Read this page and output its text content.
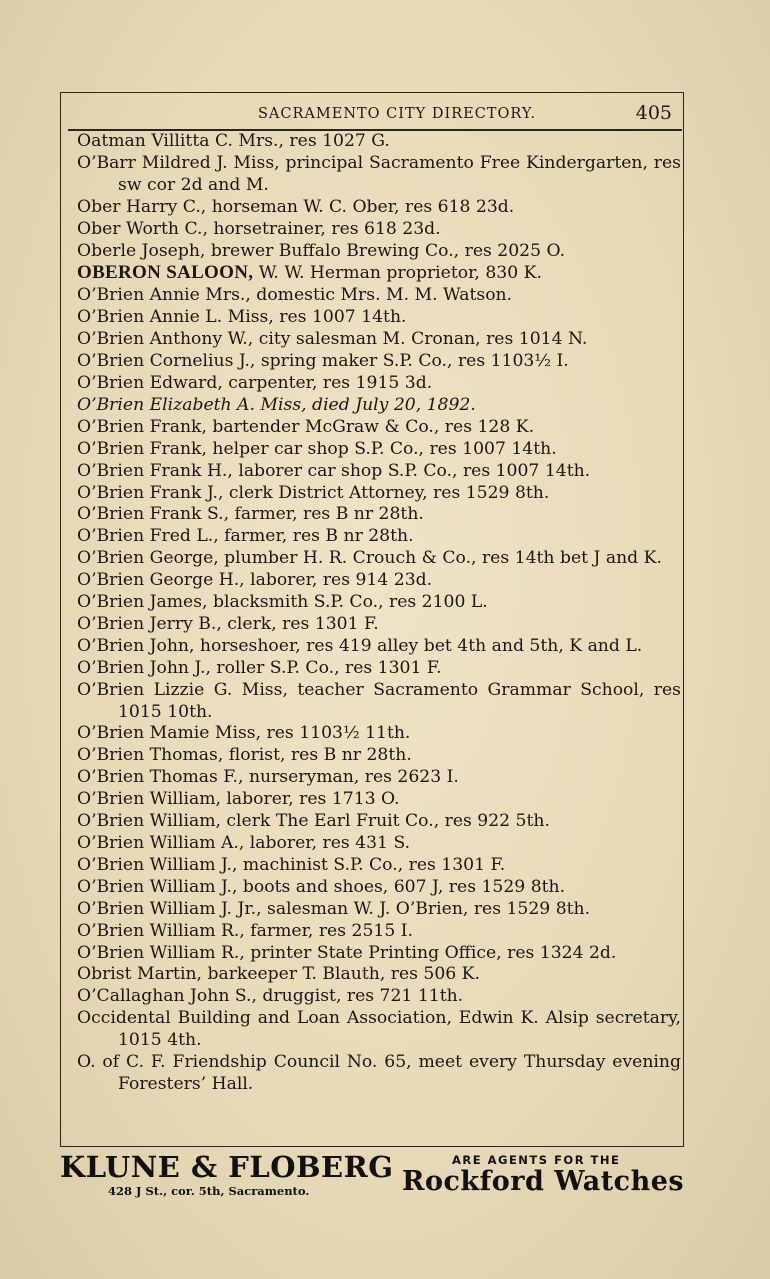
SACRAMENTO CITY DIRECTORY.	405
Oatman Villitta C. Mrs., res 1027 G.
O’Barr Mildred J. Miss, principal Sacramento Free Kindergarten, res sw cor 2d and M.
Ober Harry C., horseman W. C. Ober, res 618 23d.
Ober Worth C., horsetrainer, res 618 23d.
Oberle Joseph, brewer Buffalo Brewing Co., res 2025 O.
OBERON SALOON, W. W. Herman proprietor, 830 K.
O’Brien Annie Mrs., domestic Mrs. M. M. Watson.
O’Brien Annie L. Miss, res 1007 14th.
O’Brien Anthony W., city salesman M. Cronan, res 1014 N.
O’Brien Cornelius J., spring maker S.P. Co., res 1103½ I.
O’Brien Edward, carpenter, res 1915 3d.
O’Brien Elizabeth A. Miss, died July 20, 1892.
O’Brien Frank, bartender McGraw & Co., res 128 K.
O’Brien Frank, helper car shop S.P. Co., res 1007 14th.
O’Brien Frank H., laborer car shop S.P. Co., res 1007 14th.
O’Brien Frank J., clerk District Attorney, res 1529 8th.
O’Brien Frank S., farmer, res B nr 28th.
O’Brien Fred L., farmer, res B nr 28th.
O’Brien George, plumber H. R. Crouch & Co., res 14th bet J and K.
O’Brien George H., laborer, res 914 23d.
O’Brien James, blacksmith S.P. Co., res 2100 L.
O’Brien Jerry B., clerk, res 1301 F.
O’Brien John, horseshoer, res 419 alley bet 4th and 5th, K and L.
O’Brien John J., roller S.P. Co., res 1301 F.
O’Brien Lizzie G. Miss, teacher Sacramento Grammar School, res 1015 10th.
O’Brien Mamie Miss, res 1103½ 11th.
O’Brien Thomas, florist, res B nr 28th.
O’Brien Thomas F., nurseryman, res 2623 I.
O’Brien William, laborer, res 1713 O.
O’Brien William, clerk The Earl Fruit Co., res 922 5th.
O’Brien William A., laborer, res 431 S.
O’Brien William J., machinist S.P. Co., res 1301 F.
O’Brien William J., boots and shoes, 607 J, res 1529 8th.
O’Brien William J. Jr., salesman W. J. O’Brien, res 1529 8th.
O’Brien William R., farmer, res 2515 I.
O’Brien William R., printer State Printing Office, res 1324 2d.
Obrist Martin, barkeeper T. Blauth, res 506 K.
O’Callaghan John S., druggist, res 721 11th.
Occidental Building and Loan Association, Edwin K. Alsip secretary, 1015 4th.
O. of C. F. Friendship Council No. 65, meet every Thursday evening Foresters’ Hall.
KLUNE & FLOBERG
428 J St., cor. 5th, Sacramento.
ARE AGENTS FOR THE
Rockford Watches
